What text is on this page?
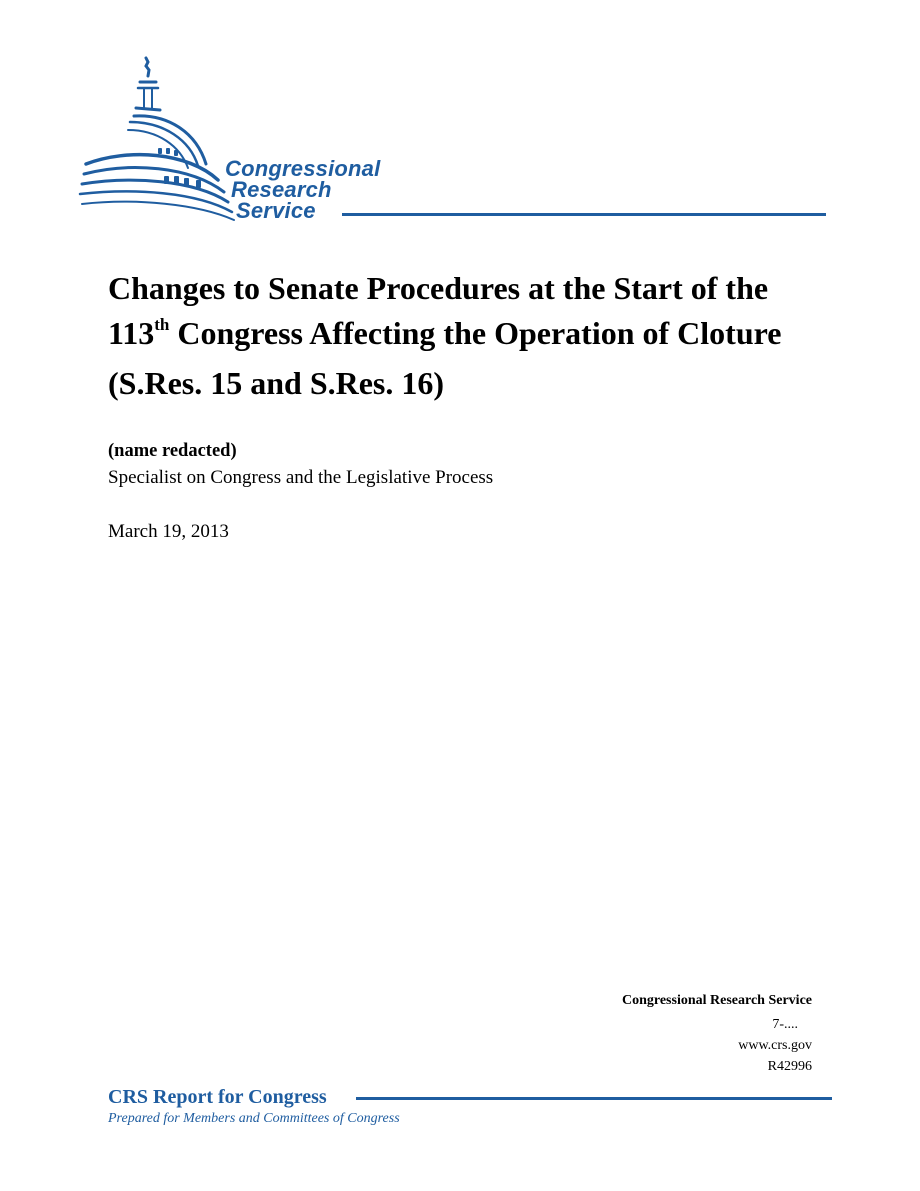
Congressional
Research
Service
Changes to Senate Procedures at the Start of the 113th Congress Affecting the Operation of Cloture (S.Res. 15 and S.Res. 16)
(name redacted)
Specialist on Congress and the Legislative Process
March 19, 2013
Congressional Research Service
7-....
www.crs.gov
R42996
CRS Report for Congress
Prepared for Members and Committees of Congress
